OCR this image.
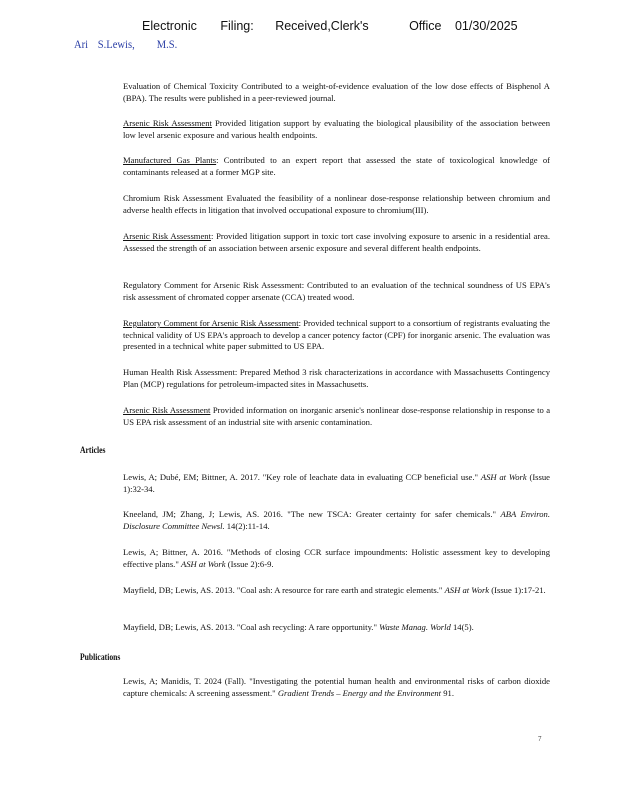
Electronic Filing: Received,Clerk's	Office 01/30/2025
Ari S.Lewis, M.S.
Evaluation of Chemical Toxicity Contributed to a weight-of-evidence evaluation of the low dose effects of Bisphenol A (BPA). The results were published in a peer-reviewed journal.
Arsenic Risk Assessment Provided litigation support by evaluating the biological plausibility of the association between low level arsenic exposure and various health endpoints.
Manufactured Gas Plants: Contributed to an expert report that assessed the state of toxicological knowledge of contaminants released at a former MGP site.
Chromium Risk Assessment Evaluated the feasibility of a nonlinear dose-response relationship between chromium and adverse health effects in litigation that involved occupational exposure to chromium(III).
Arsenic Risk Assessment: Provided litigation support in toxic tort case involving exposure to arsenic in a residential area. Assessed the strength of an association between arsenic exposure and several different health endpoints.
Regulatory Comment for Arsenic Risk Assessment: Contributed to an evaluation of the technical soundness of US EPA's risk assessment of chromated copper arsenate (CCA) treated wood.
Regulatory Comment for Arsenic Risk Assessment: Provided technical support to a consortium of registrants evaluating the technical validity of US EPA's approach to develop a cancer potency factor (CPF) for inorganic arsenic. The evaluation was presented in a technical white paper submitted to US EPA.
Human Health Risk Assessment: Prepared Method 3 risk characterizations in accordance with Massachusetts Contingency Plan (MCP) regulations for petroleum-impacted sites in Massachusetts.
Arsenic Risk Assessment Provided information on inorganic arsenic's nonlinear dose-response relationship in response to a US EPA risk assessment of an industrial site with arsenic contamination.
Articles
Lewis, A; Dubé, EM; Bittner, A. 2017. "Key role of leachate data in evaluating CCP beneficial use." ASH at Work (Issue 1):32-34.
Kneeland, JM; Zhang, J; Lewis, AS. 2016. "The new TSCA: Greater certainty for safer chemicals." ABA Environ. Disclosure Committee Newsl. 14(2):11-14.
Lewis, A; Bittner, A. 2016. "Methods of closing CCR surface impoundments: Holistic assessment key to developing effective plans." ASH at Work (Issue 2):6-9.
Mayfield, DB; Lewis, AS. 2013. "Coal ash: A resource for rare earth and strategic elements." ASH at Work (Issue 1):17-21.
Mayfield, DB; Lewis, AS. 2013. "Coal ash recycling: A rare opportunity." Waste Manag. World 14(5).
Publications
Lewis, A; Manidis, T. 2024 (Fall). "Investigating the potential human health and environmental risks of carbon dioxide capture chemicals: A screening assessment." Gradient Trends – Energy and the Environment 91.
7
